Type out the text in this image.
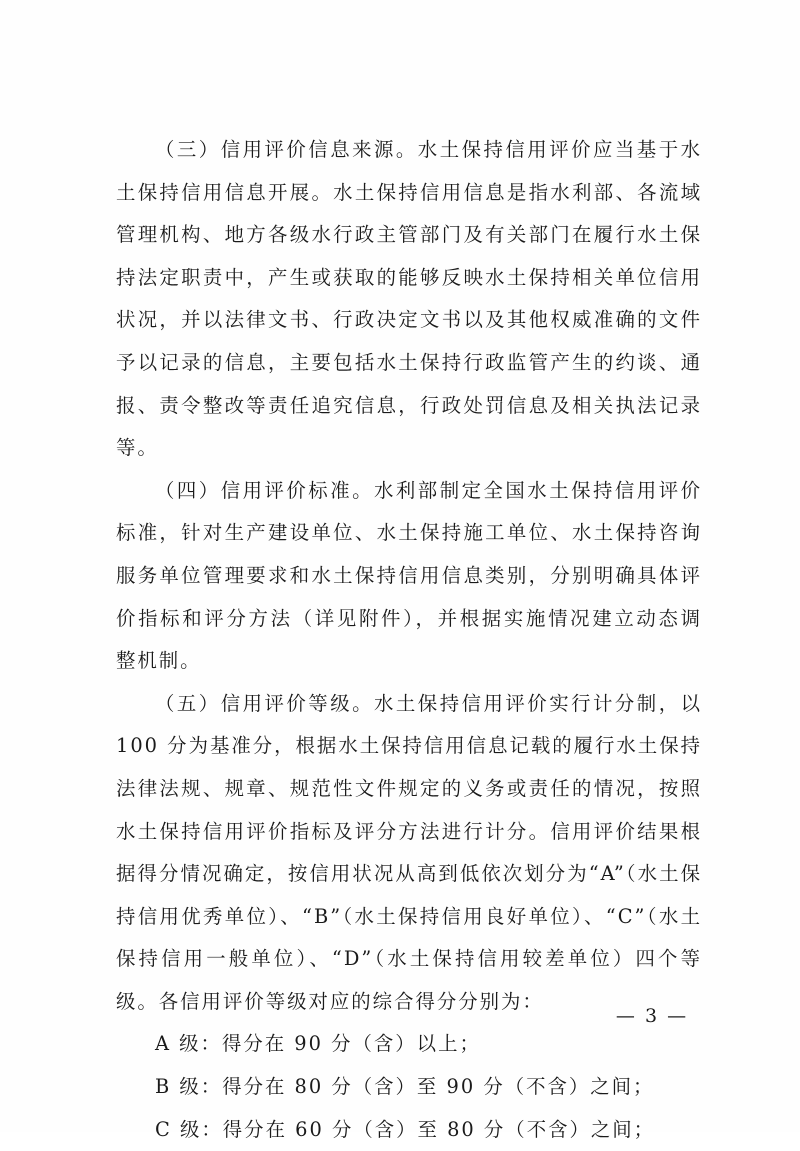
（三）信用评价信息来源。水土保持信用评价应当基于水土保持信用信息开展。水土保持信用信息是指水利部、各流域管理机构、地方各级水行政主管部门及有关部门在履行水土保持法定职责中，产生或获取的能够反映水土保持相关单位信用状况，并以法律文书、行政决定文书以及其他权威准确的文件予以记录的信息，主要包括水土保持行政监管产生的约谈、通报、责令整改等责任追究信息，行政处罚信息及相关执法记录等。

（四）信用评价标准。水利部制定全国水土保持信用评价标准，针对生产建设单位、水土保持施工单位、水土保持咨询服务单位管理要求和水土保持信用信息类别，分别明确具体评价指标和评分方法（详见附件），并根据实施情况建立动态调整机制。

（五）信用评价等级。水土保持信用评价实行计分制，以 100 分为基准分，根据水土保持信用信息记载的履行水土保持法律法规、规章、规范性文件规定的义务或责任的情况，按照水土保持信用评价指标及评分方法进行计分。信用评价结果根据得分情况确定，按信用状况从高到低依次划分为“A”（水土保持信用优秀单位）、“B”（水土保持信用良好单位）、“C”（水土保持信用一般单位）、“D”（水土保持信用较差单位）四个等级。各信用评价等级对应的综合得分分别为：

A 级：得分在 90 分（含）以上；

B 级：得分在 80 分（含）至 90 分（不含）之间；

C 级：得分在 60 分（含）至 80 分（不含）之间；

— 3 —
